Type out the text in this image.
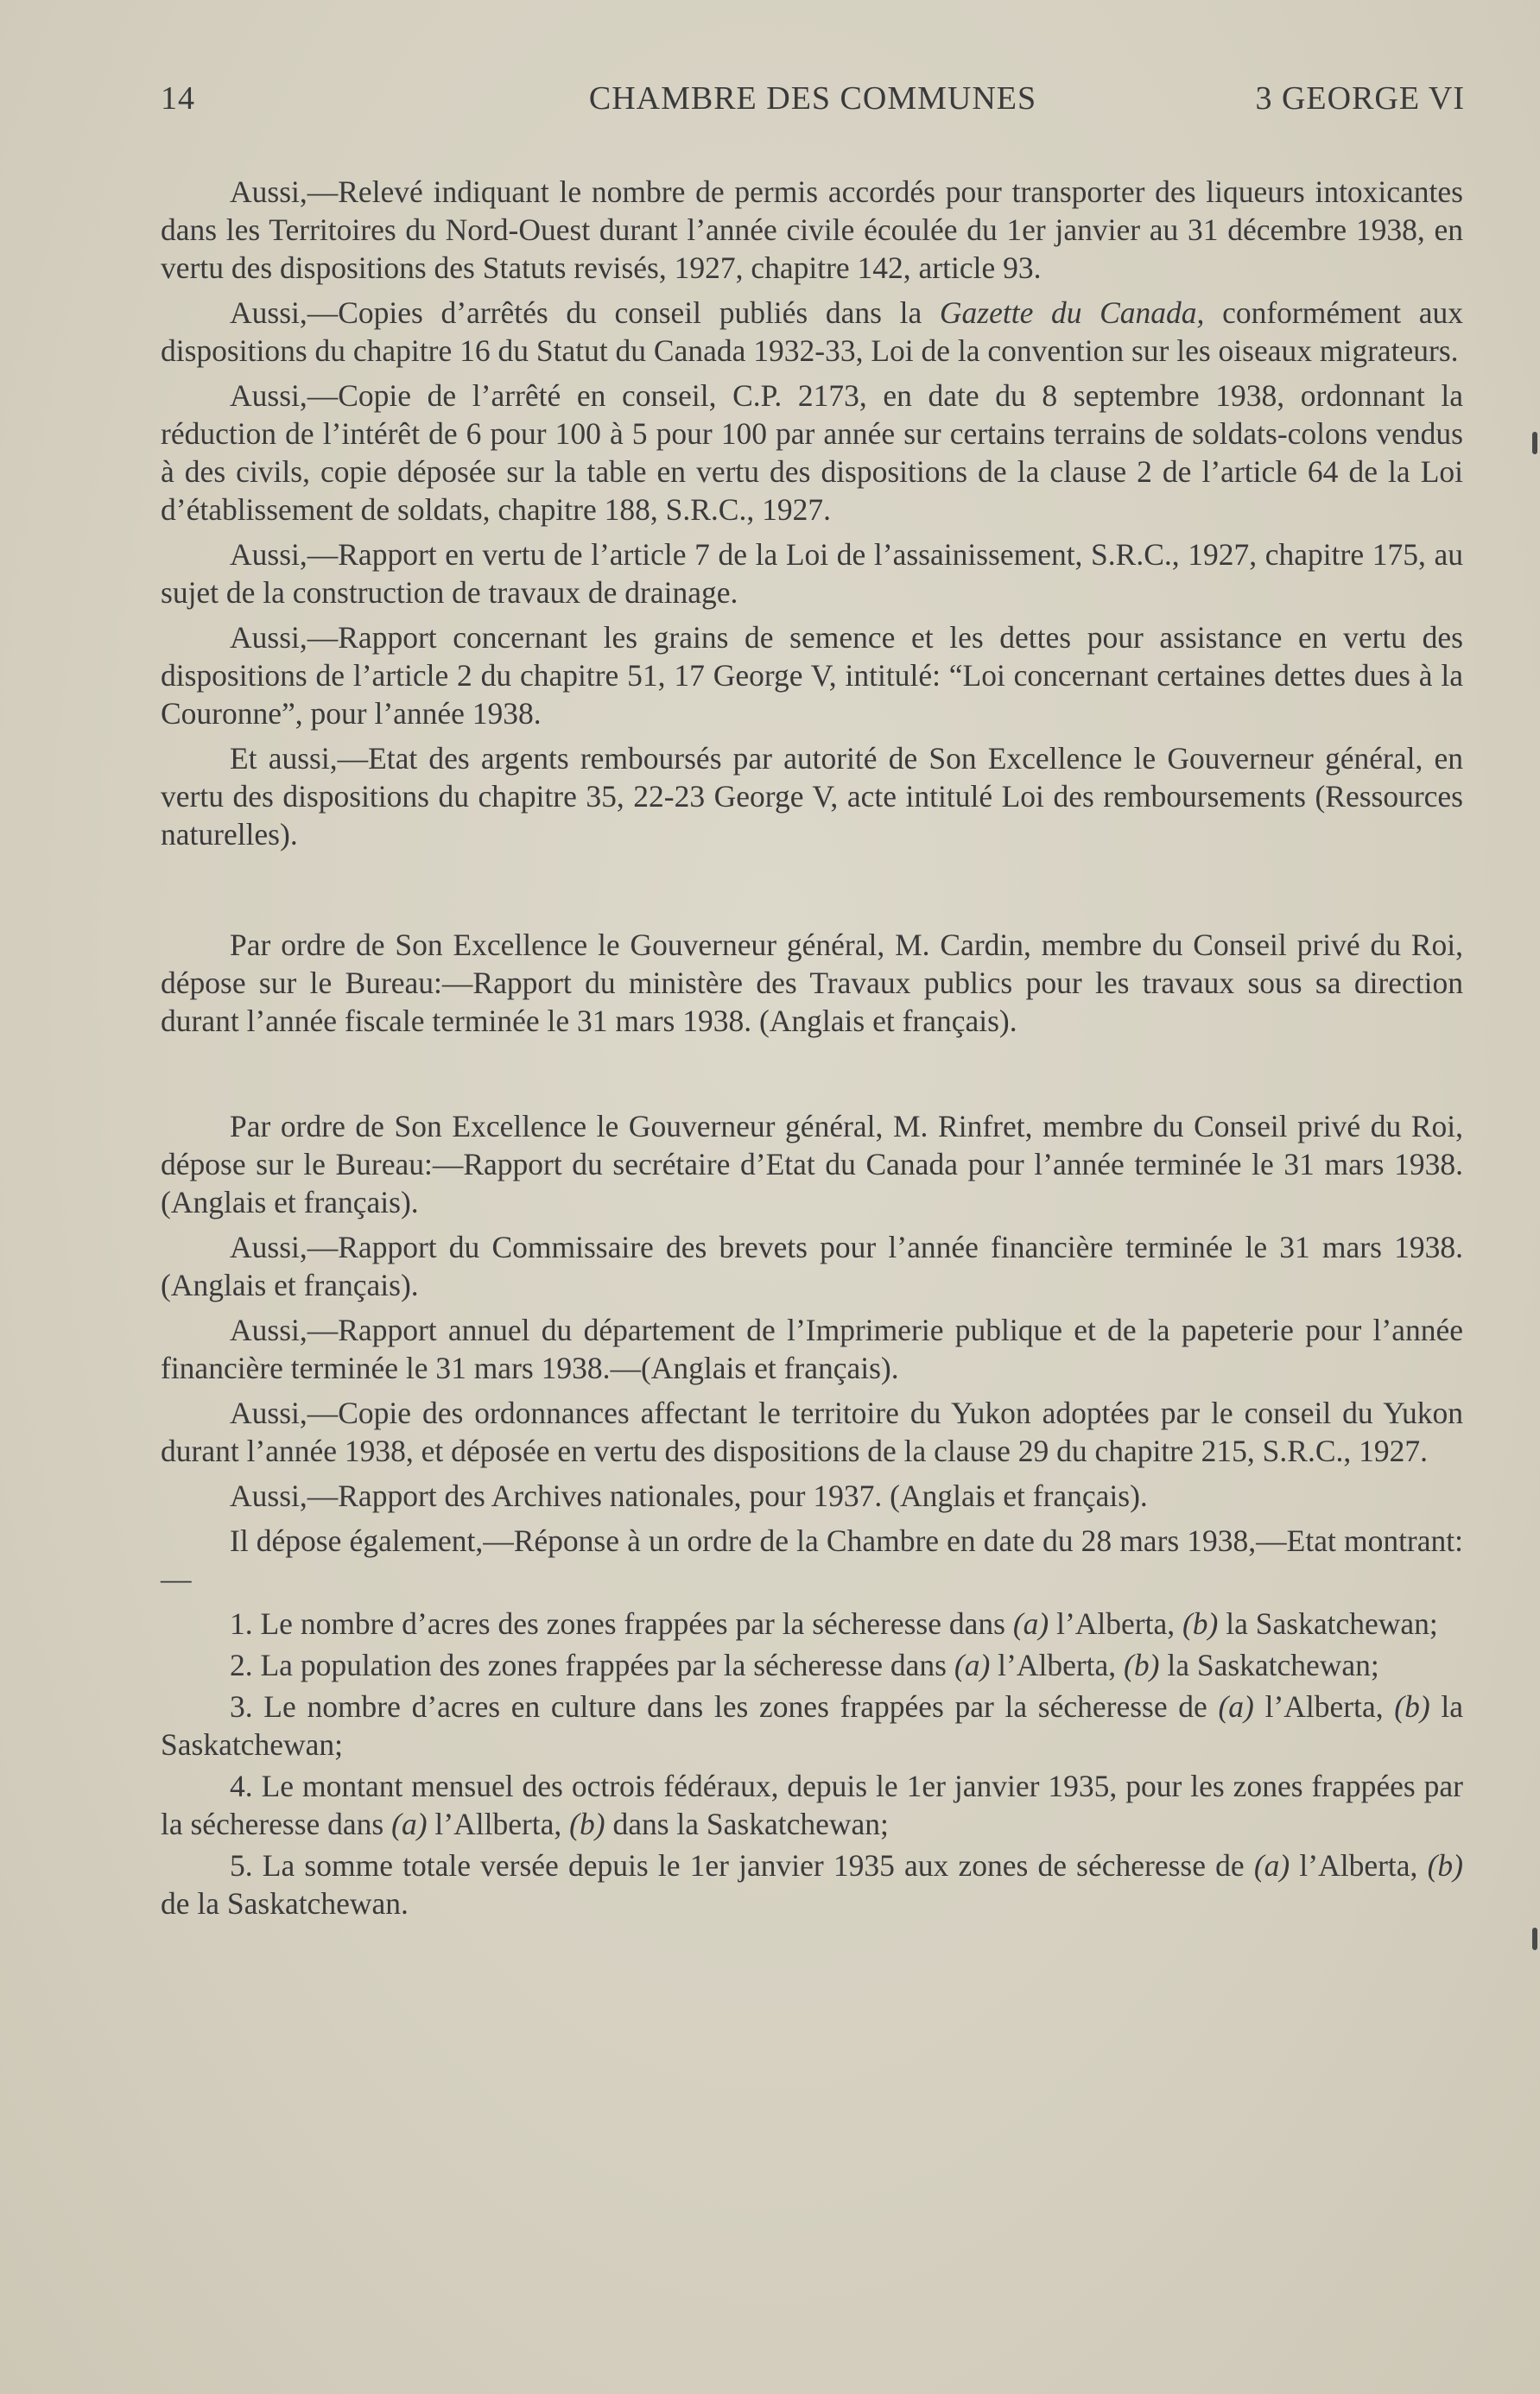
14	CHAMBRE DES COMMUNES	3 GEORGE VI

Aussi,—Relevé indiquant le nombre de permis accordés pour transporter des liqueurs intoxicantes dans les Territoires du Nord-Ouest durant l’année civile écoulée du 1er janvier au 31 décembre 1938, en vertu des dispositions des Statuts revisés, 1927, chapitre 142, article 93.

Aussi,—Copies d’arrêtés du conseil publiés dans la Gazette du Canada, conformément aux dispositions du chapitre 16 du Statut du Canada 1932-33, Loi de la convention sur les oiseaux migrateurs.

Aussi,—Copie de l’arrêté en conseil, C.P. 2173, en date du 8 septembre 1938, ordonnant la réduction de l’intérêt de 6 pour 100 à 5 pour 100 par année sur certains terrains de soldats-colons vendus à des civils, copie déposée sur la table en vertu des dispositions de la clause 2 de l’article 64 de la Loi d’établissement de soldats, chapitre 188, S.R.C., 1927.

Aussi,—Rapport en vertu de l’article 7 de la Loi de l’assainissement, S.R.C., 1927, chapitre 175, au sujet de la construction de travaux de drainage.

Aussi,—Rapport concernant les grains de semence et les dettes pour assistance en vertu des dispositions de l’article 2 du chapitre 51, 17 George V, intitulé: “Loi concernant certaines dettes dues à la Couronne”, pour l’année 1938.

Et aussi,—Etat des argents remboursés par autorité de Son Excellence le Gouverneur général, en vertu des dispositions du chapitre 35, 22-23 George V, acte intitulé Loi des remboursements (Ressources naturelles).

Par ordre de Son Excellence le Gouverneur général, M. Cardin, membre du Conseil privé du Roi, dépose sur le Bureau:—Rapport du ministère des Travaux publics pour les travaux sous sa direction durant l’année fiscale terminée le 31 mars 1938. (Anglais et français).

Par ordre de Son Excellence le Gouverneur général, M. Rinfret, membre du Conseil privé du Roi, dépose sur le Bureau:—Rapport du secrétaire d’Etat du Canada pour l’année terminée le 31 mars 1938. (Anglais et français).

Aussi,—Rapport du Commissaire des brevets pour l’année financière terminée le 31 mars 1938. (Anglais et français).

Aussi,—Rapport annuel du département de l’Imprimerie publique et de la papeterie pour l’année financière terminée le 31 mars 1938.—(Anglais et français).

Aussi,—Copie des ordonnances affectant le territoire du Yukon adoptées par le conseil du Yukon durant l’année 1938, et déposée en vertu des dispositions de la clause 29 du chapitre 215, S.R.C., 1927.

Aussi,—Rapport des Archives nationales, pour 1937. (Anglais et français).

Il dépose également,—Réponse à un ordre de la Chambre en date du 28 mars 1938,—Etat montrant:—

1. Le nombre d’acres des zones frappées par la sécheresse dans (a) l’Alberta, (b) la Saskatchewan;

2. La population des zones frappées par la sécheresse dans (a) l’Alberta, (b) la Saskatchewan;

3. Le nombre d’acres en culture dans les zones frappées par la sécheresse de (a) l’Alberta, (b) la Saskatchewan;

4. Le montant mensuel des octrois fédéraux, depuis le 1er janvier 1935, pour les zones frappées par la sécheresse dans (a) l’Allberta, (b) dans la Saskatchewan;

5. La somme totale versée depuis le 1er janvier 1935 aux zones de sécheresse de (a) l’Alberta, (b) de la Saskatchewan.
